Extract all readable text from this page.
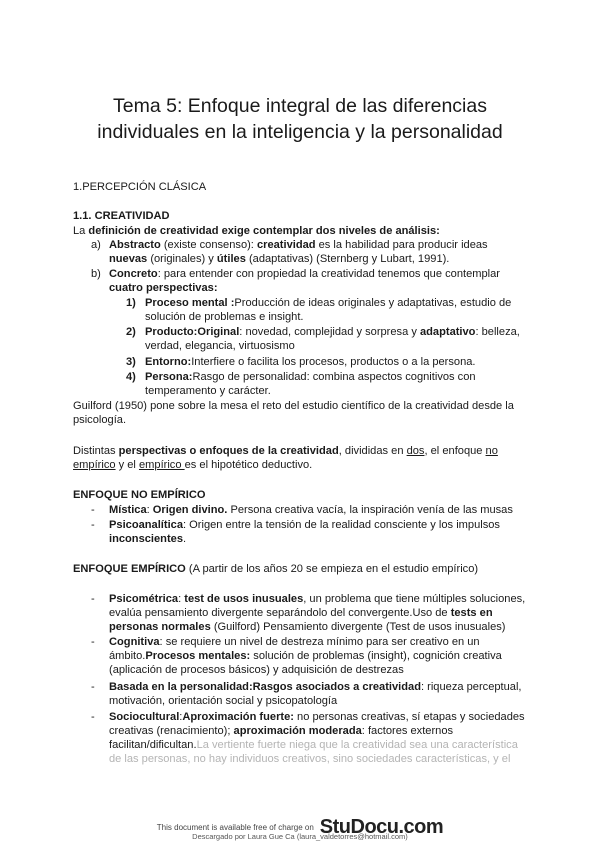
Tema 5: Enfoque integral de las diferencias
individuales en la inteligencia y la personalidad
1.PERCEPCIÓN CLÁSICA
1.1. CREATIVIDAD
La definición de creatividad exige contemplar dos niveles de análisis:
a) Abstracto (existe consenso): creatividad es la habilidad para producir ideas
nuevas (originales) y útiles (adaptativas) (Sternberg y Lubart, 1991).
b) Concreto: para entender con propiedad la creatividad tenemos que contemplar
cuatro perspectivas:
1) Proceso mental :Producción de ideas originales y adaptativas, estudio de
solución de problemas e insight.
2) Producto:Original: novedad, complejidad y sorpresa y adaptativo: belleza,
verdad, elegancia, virtuosismo
3) Entorno:Interfiere o facilita los procesos, productos o a la persona.
4) Persona:Rasgo de personalidad: combina aspectos cognitivos con
temperamento y carácter.
Guilford (1950) pone sobre la mesa el reto del estudio científico de la creatividad desde la
psicología.
Distintas perspectivas o enfoques de la creatividad, divididas en dos, el enfoque no
empírico y el empírico es el hipotético deductivo.
ENFOQUE NO EMPÍRICO
- Mística: Origen divino. Persona creativa vacía, la inspiración venía de las musas
- Psicoanalítica: Origen entre la tensión de la realidad consciente y los impulsos
inconscientes.
ENFOQUE EMPÍRICO (A partir de los años 20 se empieza en el estudio empírico)
- Psicométrica: test de usos inusuales, un problema que tiene múltiples soluciones,
evalúa pensamiento divergente separándolo del convergente.Uso de tests en
personas normales (Guilford) Pensamiento divergente (Test de usos inusuales)
- Cognitiva: se requiere un nivel de destreza mínimo para ser creativo en un
ámbito.Procesos mentales: solución de problemas (insight), cognición creativa
(aplicación de procesos básicos) y adquisición de destrezas
- Basada en la personalidad:Rasgos asociados a creatividad: riqueza perceptual,
motivación, orientación social y psicopatología
- Sociocultural:Aproximación fuerte: no personas creativas, sí etapas y sociedades
creativas (renacimiento); aproximación moderada: factores externos
facilitan/dificultan.La vertiente fuerte niega que la creatividad sea una característica
de las personas, no hay individuos creativos, sino sociedades características, y el
This document is available free of charge on StuDocu.com
Descargado por Laura Gue Ca (laura_valdetorres@hotmail.com)
